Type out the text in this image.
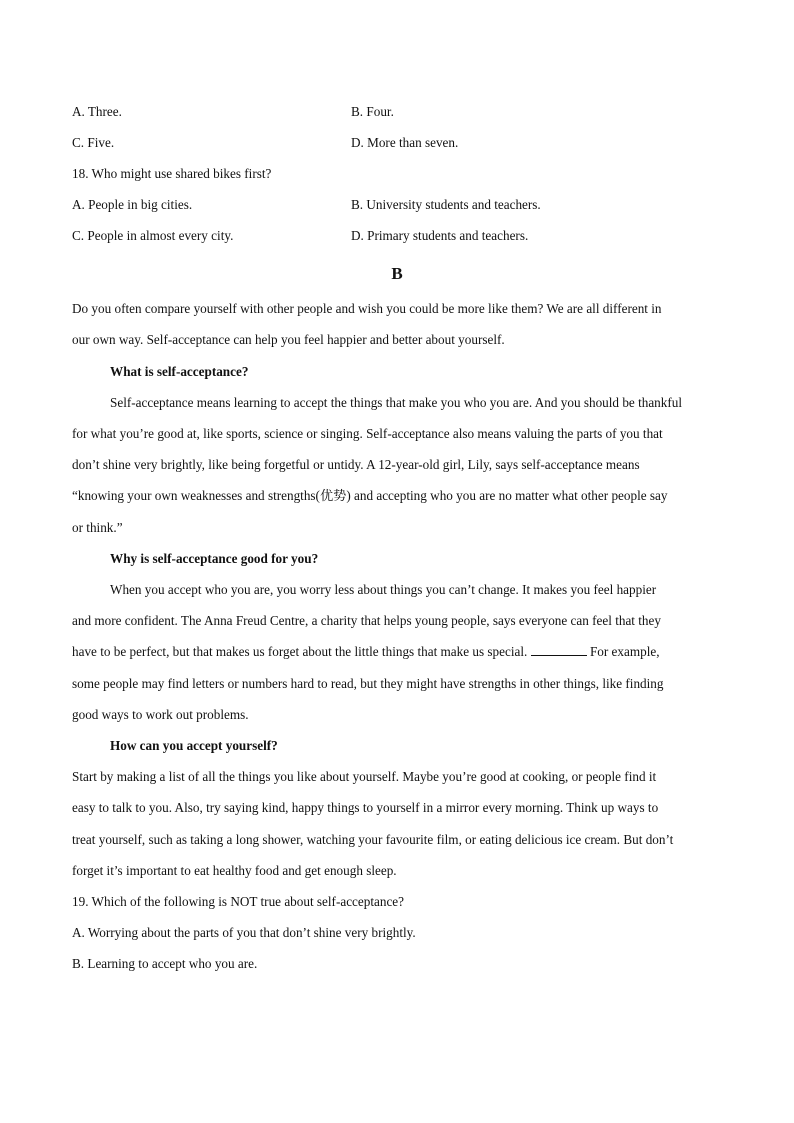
A. Three.	B. Four.
C. Five.	D. More than seven.
18. Who might use shared bikes first?
A. People in big cities.	B. University students and teachers.
C. People in almost every city.	D. Primary students and teachers.
B
Do you often compare yourself with other people and wish you could be more like them? We are all different in
our own way. Self-acceptance can help you feel happier and better about yourself.
What is self-acceptance?
Self-acceptance means learning to accept the things that make you who you are. And you should be thankful
for what you’re good at, like sports, science or singing. Self-acceptance also means valuing the parts of you that
don’t shine very brightly, like being forgetful or untidy. A 12-year-old girl, Lily, says self-acceptance means
“knowing your own weaknesses and strengths(优势) and accepting who you are no matter what other people say
or think.”
Why is self-acceptance good for you?
When you accept who you are, you worry less about things you can’t change. It makes you feel happier
and more confident. The Anna Freud Centre, a charity that helps young people, says everyone can feel that they
have to be perfect, but that makes us forget about the little things that make us special.	For example,
some people may find letters or numbers hard to read, but they might have strengths in other things, like finding
good ways to work out problems.
How can you accept yourself?
Start by making a list of all the things you like about yourself. Maybe you’re good at cooking, or people find it
easy to talk to you. Also, try saying kind, happy things to yourself in a mirror every morning. Think up ways to
treat yourself, such as taking a long shower, watching your favourite film, or eating delicious ice cream. But don’t
forget it’s important to eat healthy food and get enough sleep.
19. Which of the following is NOT true about self-acceptance?
A. Worrying about the parts of you that don’t shine very brightly.
B. Learning to accept who you are.
